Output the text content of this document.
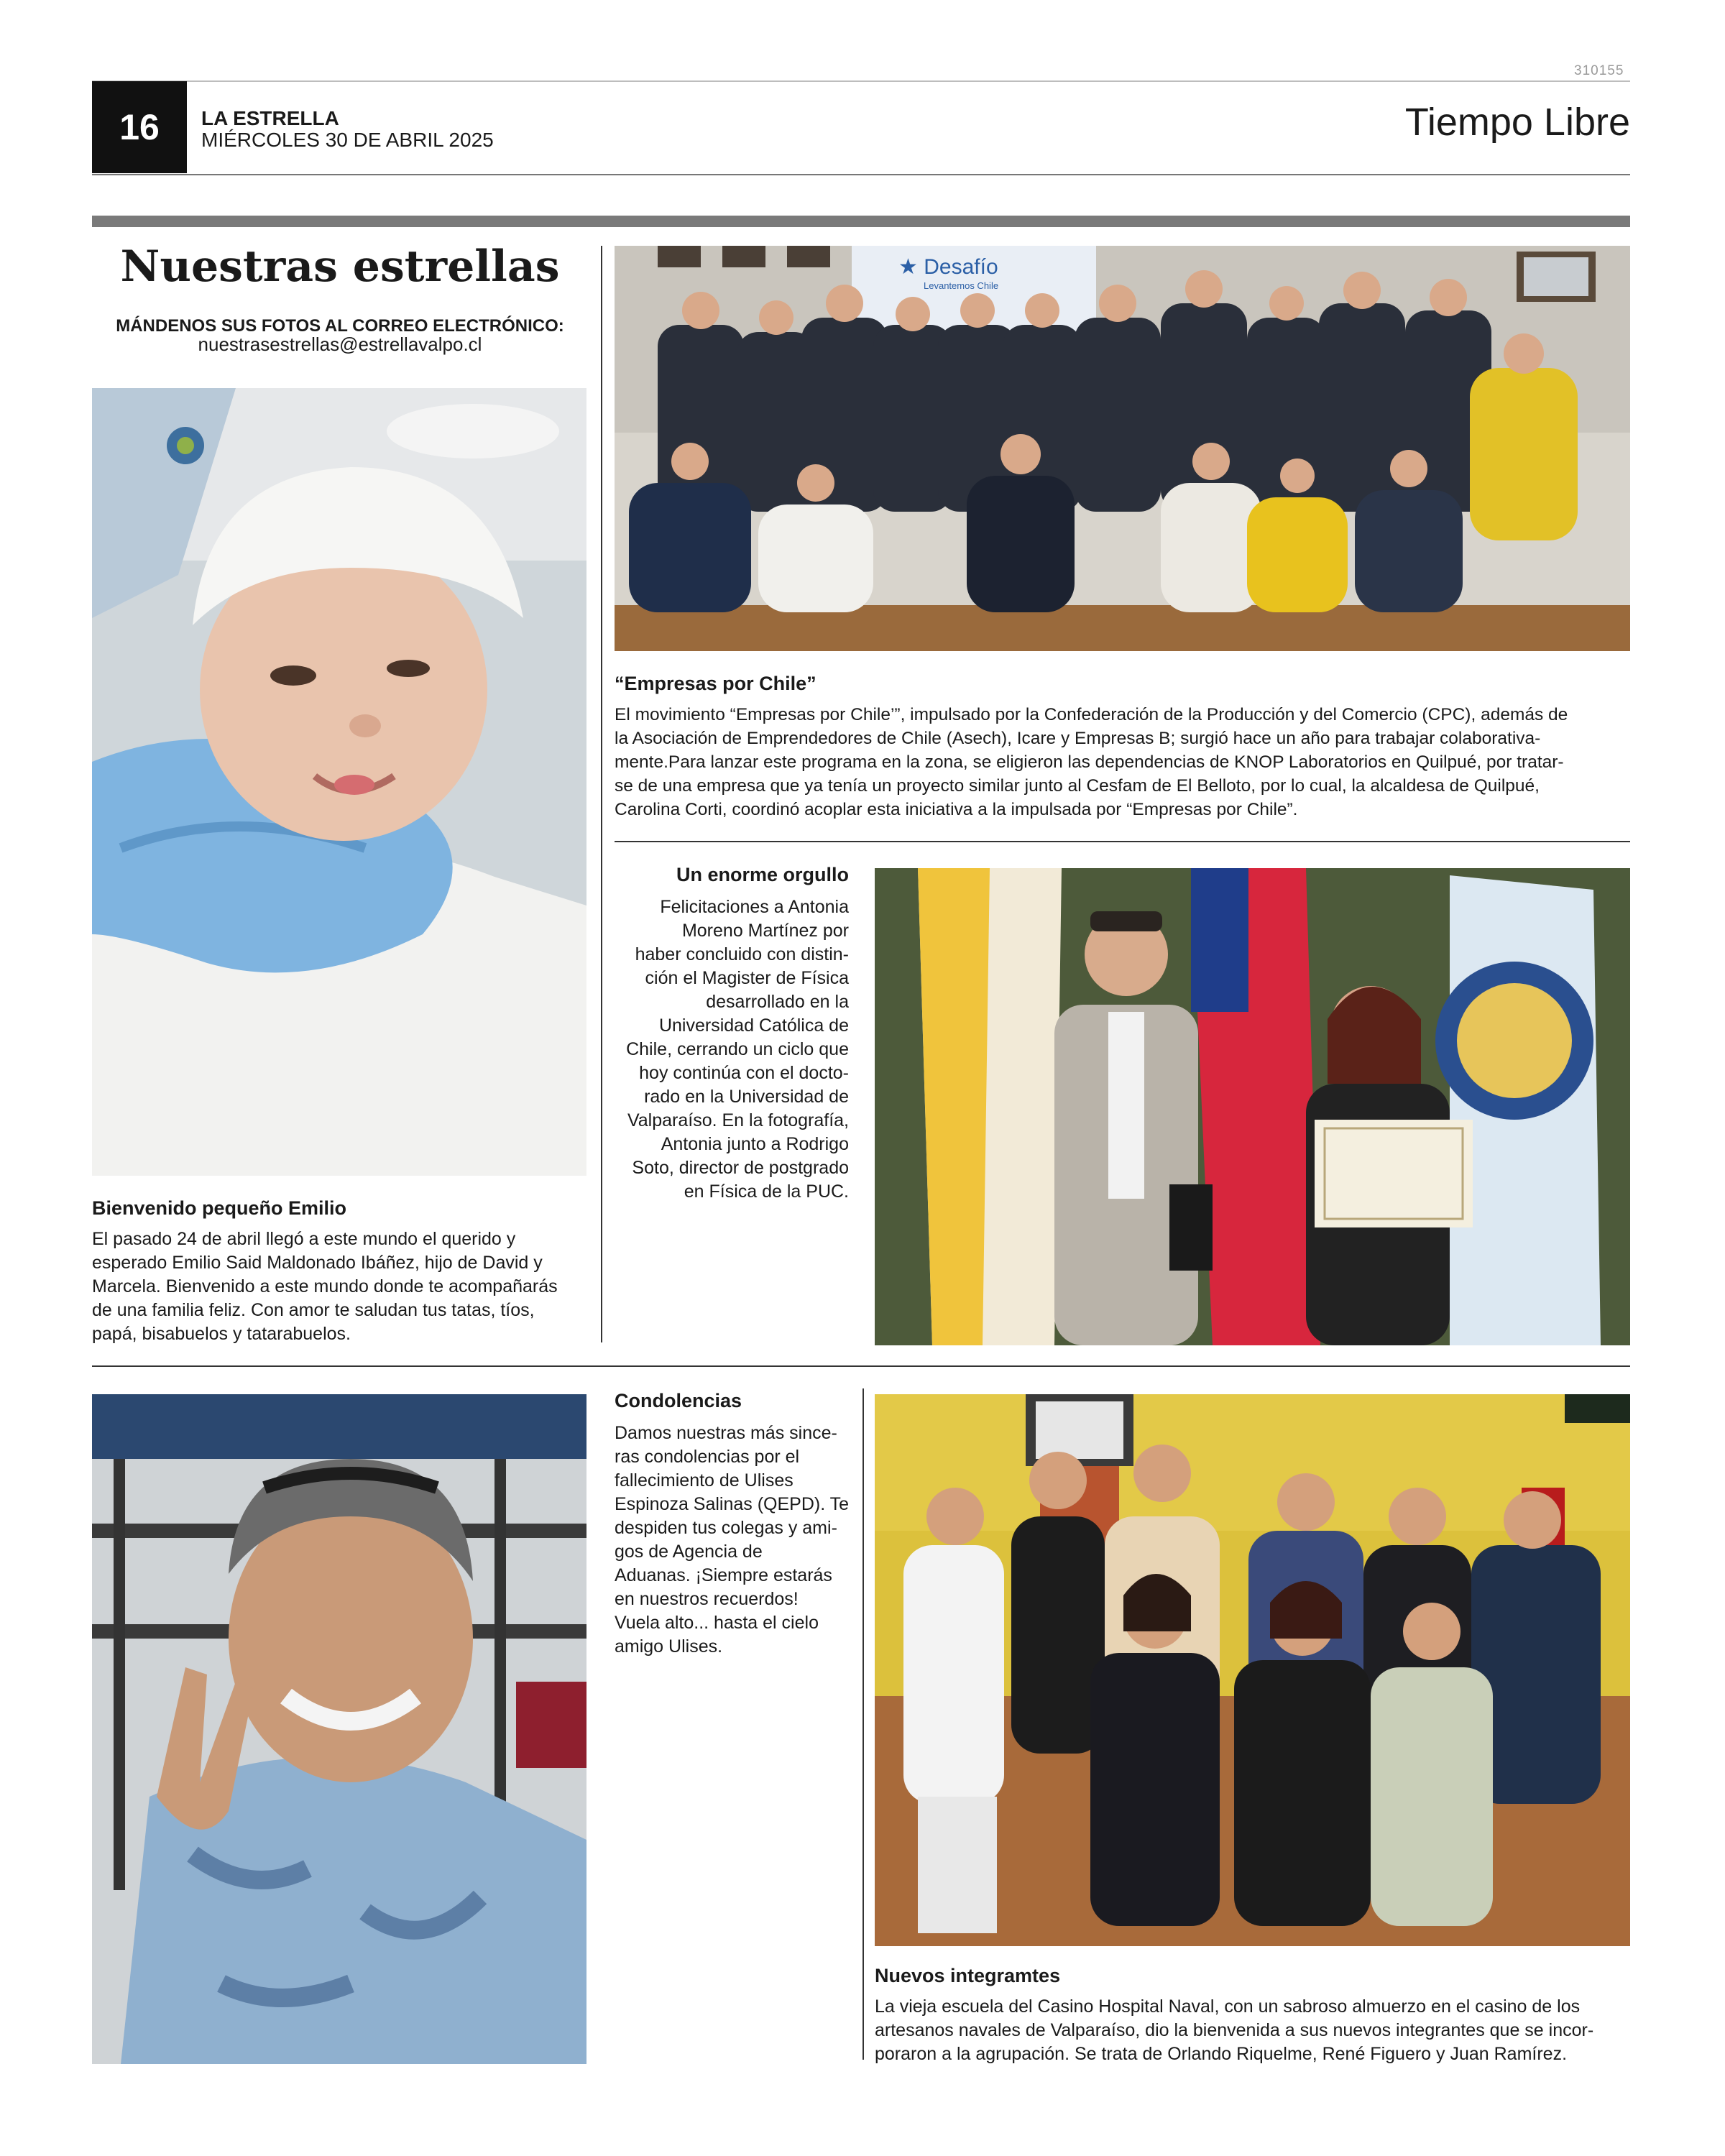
310155
16	LA ESTRELLA
MIÉRCOLES 30 DE ABRIL 2025	Tiempo Libre
Nuestras estrellas
MÁNDENOS SUS FOTOS AL CORREO ELECTRÓNICO:
nuestrasestrellas@estrellavalpo.cl
Bienvenido pequeño Emilio
El pasado 24 de abril llegó a este mundo el querido y
esperado Emilio Said Maldonado Ibáñez, hijo de David y
Marcela. Bienvenido a este mundo donde te acompañarás
de una familia feliz. Con amor te saludan tus tatas, tíos,
papá, bisabuelos y tatarabuelos.
★ Desafío
Levantemos Chile
“Empresas por Chile”
El movimiento “Empresas por Chile’”, impulsado por la Confederación de la Producción y del Comercio (CPC), además de
la Asociación de Emprendedores de Chile (Asech), Icare y Empresas B; surgió hace un año para trabajar colaborativa-
mente.Para lanzar este programa en la zona, se eligieron las dependencias de KNOP Laboratorios en Quilpué, por tratar-
se de una empresa que ya tenía un proyecto similar junto al Cesfam de El Belloto, por lo cual, la alcaldesa de Quilpué,
Carolina Corti, coordinó acoplar esta iniciativa a la impulsada por “Empresas por Chile”.
Un enorme orgullo
Felicitaciones a Antonia
Moreno Martínez por
haber concluido con distin-
ción el Magister de Física
desarrollado en la
Universidad Católica de
Chile, cerrando un ciclo que
hoy continúa con el docto-
rado en la Universidad de
Valparaíso. En la fotografía,
Antonia junto a Rodrigo
Soto, director de postgrado
en Física de la PUC.
Condolencias
Damos nuestras más since-
ras condolencias por el
fallecimiento de Ulises
Espinoza Salinas (QEPD). Te
despiden tus colegas y ami-
gos de Agencia de
Aduanas. ¡Siempre estarás
en nuestros recuerdos!
Vuela alto... hasta el cielo
amigo Ulises.
Nuevos integramtes
La vieja escuela del Casino Hospital Naval, con un sabroso almuerzo en el casino de los
artesanos navales de Valparaíso, dio la bienvenida a sus nuevos integrantes que se incor-
poraron a la agrupación. Se trata de Orlando Riquelme, René Figuero y Juan Ramírez.
